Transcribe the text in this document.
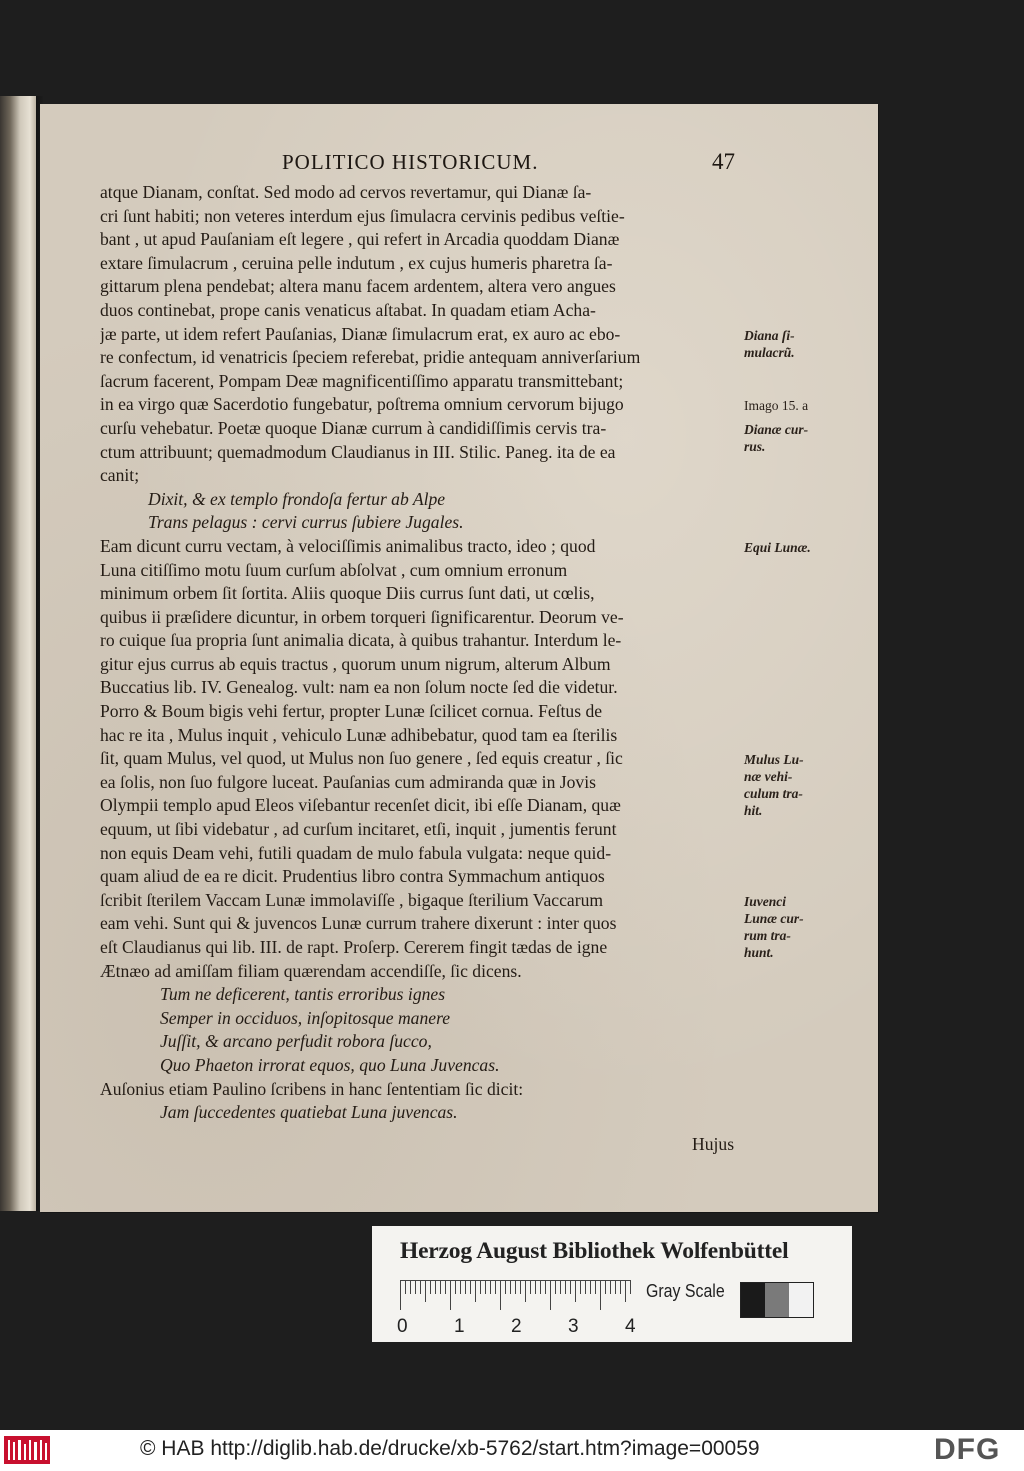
POLITICO HISTORICUM.	47
atque Dianam, conſtat. Sed modo ad cervos revertamur, qui Dianæ ſa-
cri ſunt habiti; non veteres interdum ejus ſimulacra cervinis pedibus veſtie-
bant , ut apud Pauſaniam eſt legere , qui refert in Arcadia quoddam Dianæ
extare ſimulacrum , ceruina pelle indutum , ex cujus humeris pharetra ſa-
gittarum plena pendebat; altera manu facem ardentem, altera vero angues
duos continebat, prope canis venaticus aſtabat. In quadam etiam Acha-
jæ parte, ut idem refert Pauſanias, Dianæ ſimulacrum erat, ex auro ac ebo-
re confectum, id venatricis ſpeciem referebat, pridie antequam anniverſarium
ſacrum facerent, Pompam Deæ magnificentiſſimo apparatu transmittebant;
in ea virgo quæ Sacerdotio fungebatur, poſtrema omnium cervorum bijugo
curſu vehebatur. Poetæ quoque Dianæ currum à candidiſſimis cervis tra-
ctum attribuunt; quemadmodum Claudianus in III. Stilic. Paneg. ita de ea
canit;
Dixit, & ex templo frondoſa fertur ab Alpe
Trans pelagus : cervi currus ſubiere Jugales.
Eam dicunt curru vectam, à velociſſimis animalibus tracto, ideo ; quod
Luna citiſſimo motu ſuum curſum abſolvat , cum omnium erronum
minimum orbem ſit ſortita. Aliis quoque Diis currus ſunt dati, ut cœlis,
quibus ii præſidere dicuntur, in orbem torqueri ſignificarentur. Deorum ve-
ro cuique ſua propria ſunt animalia dicata, à quibus trahantur. Interdum le-
gitur ejus currus ab equis tractus , quorum unum nigrum, alterum Album
Buccatius lib. IV. Genealog. vult: nam ea non ſolum nocte ſed die videtur.
Porro & Boum bigis vehi fertur, propter Lunæ ſcilicet cornua. Feſtus de
hac re ita , Mulus inquit , vehiculo Lunæ adhibebatur, quod tam ea ſterilis
ſit, quam Mulus, vel quod, ut Mulus non ſuo genere , ſed equis creatur , ſic
ea ſolis, non ſuo fulgore luceat. Pauſanias cum admiranda quæ in Jovis
Olympii templo apud Eleos viſebantur recenſet dicit, ibi eſſe Dianam, quæ
equum, ut ſibi videbatur , ad curſum incitaret, etſi, inquit , jumentis ferunt
non equis Deam vehi, futili quadam de mulo fabula vulgata: neque quid-
quam aliud de ea re dicit. Prudentius libro contra Symmachum antiquos
ſcribit ſterilem Vaccam Lunæ immolaviſſe , bigaque ſterilium Vaccarum
eam vehi. Sunt qui & juvencos Lunæ currum trahere dixerunt : inter quos
eſt Claudianus qui lib. III. de rapt. Proſerp. Cererem fingit tædas de igne
Ætnæo ad amiſſam filiam quærendam accendiſſe, ſic dicens.
Tum ne deficerent, tantis erroribus ignes
Semper in occiduos, inſopitosque manere
Juſſit, & arcano perfudit robora ſucco,
Quo Phaeton irrorat equos, quo Luna Juvencas.
Auſonius etiam Paulino ſcribens in hanc ſententiam ſic dicit:
Jam ſuccedentes quatiebat Luna juvencas.
Hujus
Diana ſi-
mulacrũ.
Imago 15. a
Dianæ cur-
rus.
Equi Lunæ.
Mulus Lu-
næ vehi-
culum tra-
hit.
Iuvenci
Lunæ cur-
rum tra-
hunt.
Herzog August Bibliothek Wolfenbüttel
0 1 2 3 4
Gray Scale
© HAB http://diglib.hab.de/drucke/xb-5762/start.htm?image=00059	DFG
